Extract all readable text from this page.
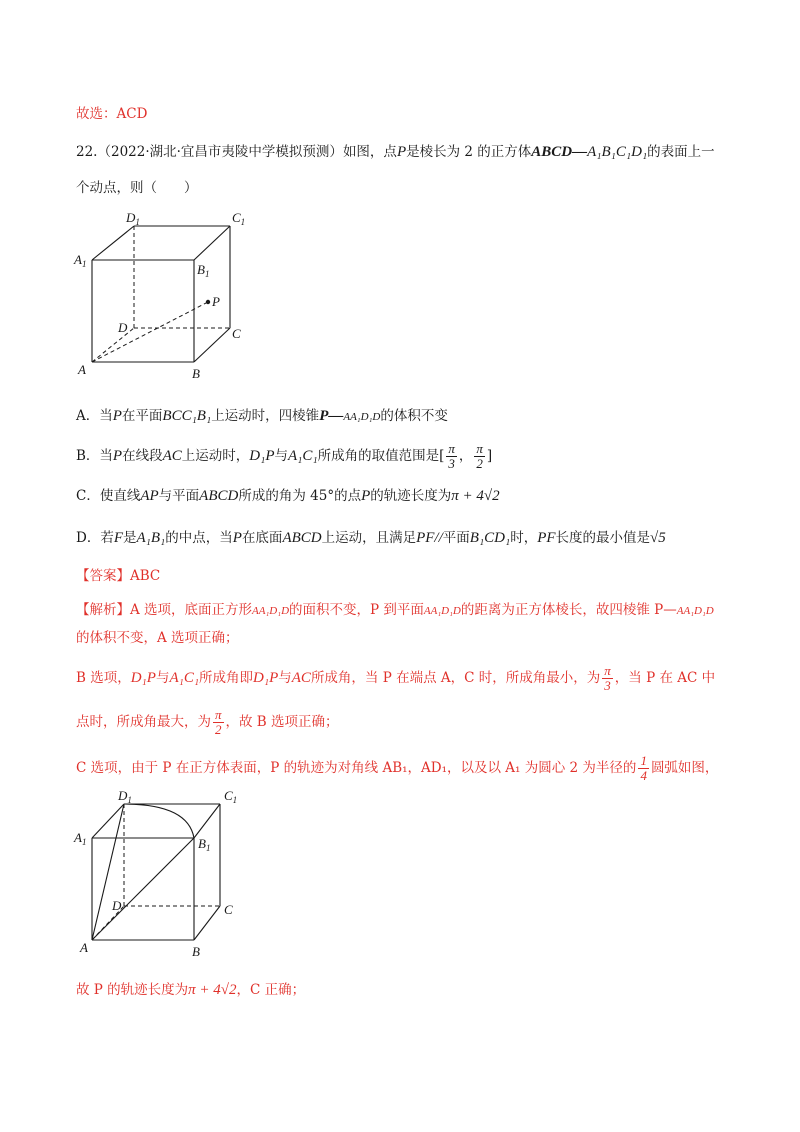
故选：ACD
22.（2022·湖北·宜昌市夷陵中学模拟预测）如图，点P是棱长为 2 的正方体ABCD—A₁B₁C₁D₁的表面上一
个动点，则（　　）
$D_1$	$C_1$
$A_1$	$B_1$
P
D	C
A	B
A．当P在平面BCC₁B₁上运动时，四棱锥P—AA₁D₁D的体积不变
B．当P在线段AC上运动时，D₁P与A₁C₁所成角的取值范围是[ $\frac{\pi}{3}$ ， $\frac{\pi}{2}$ ]
C．使直线AP与平面ABCD所成的角为 45°的点P的轨迹长度为π + 4√2
D．若F是A₁B₁的中点，当P在底面ABCD上运动，且满足PF//平面B₁CD₁时，PF长度的最小值是√5
【答案】ABC
【解析】A 选项，底面正方形AA₁D₁D的面积不变，P 到平面AA₁D₁D的距离为正方体棱长，故四棱锥 P—AA₁D₁D
的体积不变，A 选项正确；
B 选项，D₁P与A₁C₁所成角即D₁P与AC所成角，当 P 在端点 A，C 时，所成角最小，为 $\frac{\pi}{3}$ ，当 P 在 AC 中
点时，所成角最大，为 $\frac{\pi}{2}$ ，故 B 选项正确；
C 选项，由于 P 在正方体表面，P 的轨迹为对角线 AB₁，AD₁，以及以 A₁ 为圆心 2 为半径的 $\frac{1}{4}$ 圆弧如图，
$D_1$	$C_1$
$A_1$	$B_1$
D	C
A	B
故 P 的轨迹长度为π + 4√2，C 正确；
